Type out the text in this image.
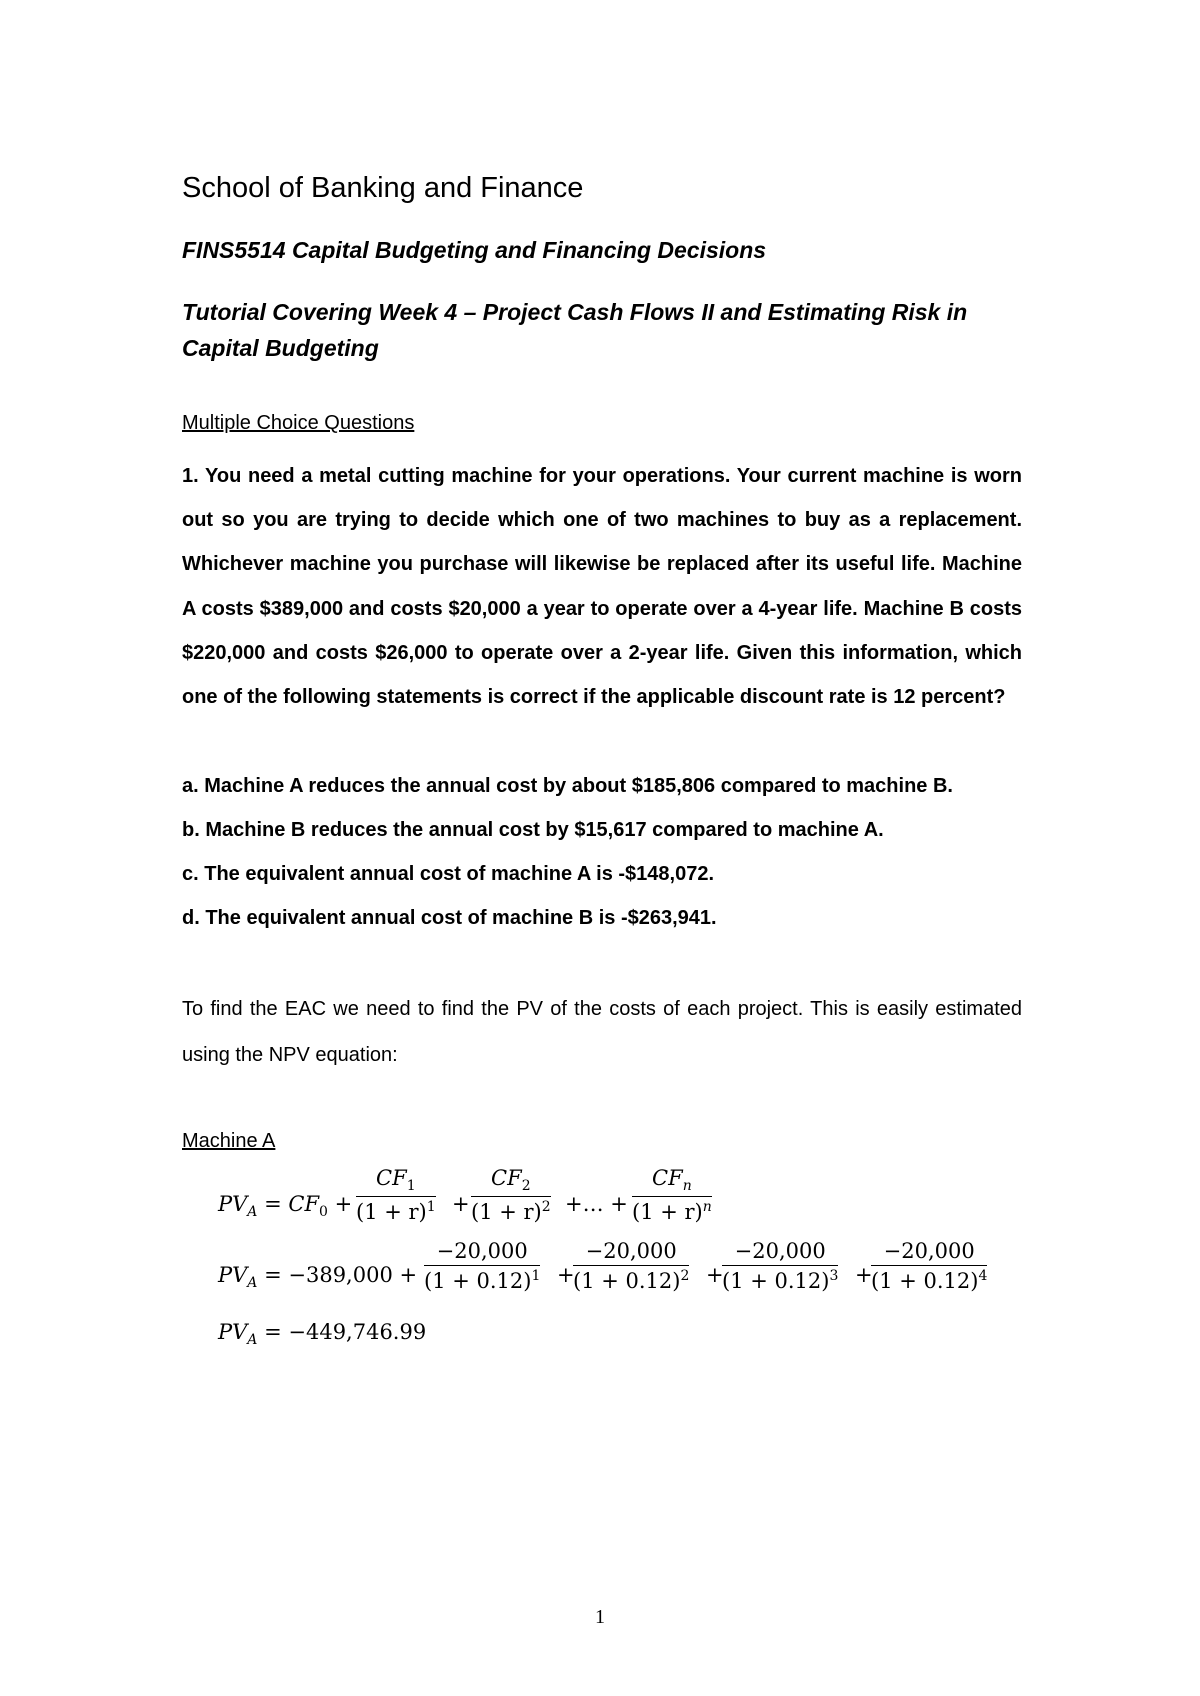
School of Banking and Finance
FINS5514 Capital Budgeting and Financing Decisions
Tutorial Covering Week 4 – Project Cash Flows II and Estimating Risk in Capital Budgeting
Multiple Choice Questions

1. You need a metal cutting machine for your operations. Your current machine is worn out so you are trying to decide which one of two machines to buy as a replacement. Whichever machine you purchase will likewise be replaced after its useful life. Machine A costs $389,000 and costs $20,000 a year to operate over a 4-year life. Machine B costs $220,000 and costs $26,000 to operate over a 2-year life. Given this information, which one of the following statements is correct if the applicable discount rate is 12 percent?

a. Machine A reduces the annual cost by about $185,806 compared to machine B.
b. Machine B reduces the annual cost by $15,617 compared to machine A.
c. The equivalent annual cost of machine A is -$148,072.
d. The equivalent annual cost of machine B is -$263,941.

To find the EAC we need to find the PV of the costs of each project. This is easily estimated using the NPV equation:

Machine A
$PV_A = CF_0 + \frac{CF_1}{(1 + r)^1} + \frac{CF_2}{(1 + r)^2}$ +… +
$CF_n$
$(1 + r)^n$
$PV_A = -389,000 + \frac{-20,000}{(1 + 0.12)^1}$ +
$\frac{-20,000}{(1 + 0.12)^2}$ +
$\frac{-20,000}{(1 + 0.12)^3}$ +
$\frac{-20,000}{(1 + 0.12)^4}$
$PV_A = -449,746.99$
1
